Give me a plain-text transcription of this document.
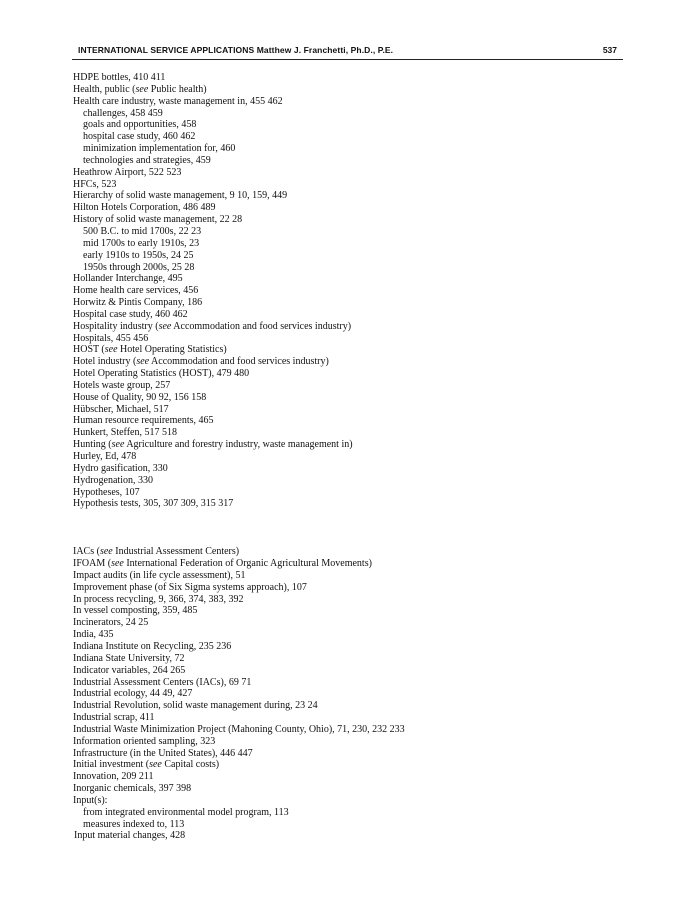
INTERNATIONAL SERVICE APPLICATIONS Matthew J. Franchetti, Ph.D., P.E.	537
HDPE bottles, 410 411
Health, public (see Public health)
Health care industry, waste management in, 455 462
challenges, 458 459
goals and opportunities, 458
hospital case study, 460 462
minimization implementation for, 460
technologies and strategies, 459
Heathrow Airport, 522 523
HFCs, 523
Hierarchy of solid waste management, 9 10, 159, 449
Hilton Hotels Corporation, 486 489
History of solid waste management, 22 28
500 B.C. to mid 1700s, 22 23
mid 1700s to early 1910s, 23
early 1910s to 1950s, 24 25
1950s through 2000s, 25 28
Hollander Interchange, 495
Home health care services, 456
Horwitz & Pintis Company, 186
Hospital case study, 460 462
Hospitality industry (see Accommodation and food services industry)
Hospitals, 455 456
HOST (see Hotel Operating Statistics)
Hotel industry (see Accommodation and food services industry)
Hotel Operating Statistics (HOST), 479 480
Hotels waste group, 257
House of Quality, 90 92, 156 158
Hübscher, Michael, 517
Human resource requirements, 465
Hunkert, Steffen, 517 518
Hunting (see Agriculture and forestry industry, waste management in)
Hurley, Ed, 478
Hydro gasification, 330
Hydrogenation, 330
Hypotheses, 107
Hypothesis tests, 305, 307 309, 315 317
IACs (see Industrial Assessment Centers)
IFOAM (see International Federation of Organic Agricultural Movements)
Impact audits (in life cycle assessment), 51
Improvement phase (of Six Sigma systems approach), 107
In process recycling, 9, 366, 374, 383, 392
In vessel composting, 359, 485
Incinerators, 24 25
India, 435
Indiana Institute on Recycling, 235 236
Indiana State University, 72
Indicator variables, 264 265
Industrial Assessment Centers (IACs), 69 71
Industrial ecology, 44 49, 427
Industrial Revolution, solid waste management during, 23 24
Industrial scrap, 411
Industrial Waste Minimization Project (Mahoning County, Ohio), 71, 230, 232 233
Information oriented sampling, 323
Infrastructure (in the United States), 446 447
Initial investment (see Capital costs)
Innovation, 209 211
Inorganic chemicals, 397 398
Input(s):
from integrated environmental model program, 113
measures indexed to, 113
Input material changes, 428
